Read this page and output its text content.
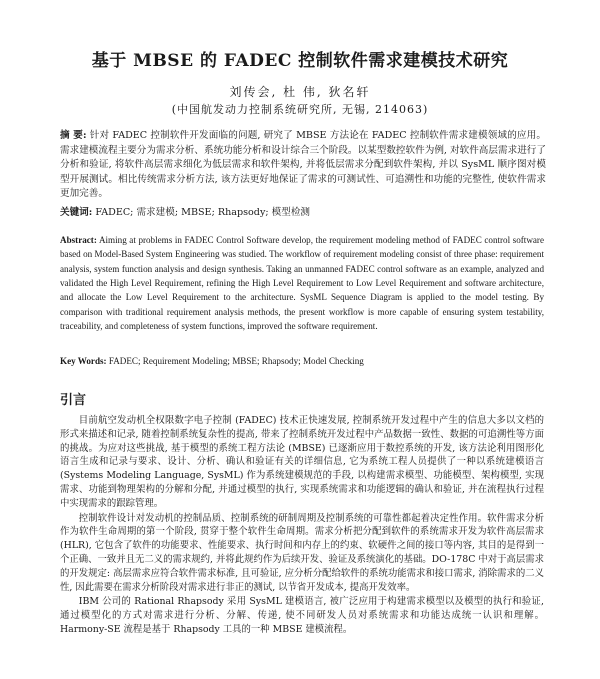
基于 MBSE 的 FADEC 控制软件需求建模技术研究
刘传会, 杜 伟, 狄名轩
(中国航发动力控制系统研究所, 无锡, 214063)
摘 要: 针对 FADEC 控制软件开发面临的问题, 研究了 MBSE 方法论在 FADEC 控制软件需求建模领域的应用。需求建模流程主要分为需求分析、系统功能分析和设计综合三个阶段。以某型数控软件为例, 对软件高层需求进行了分析和验证, 将软件高层需求细化为低层需求和软件架构, 并将低层需求分配到软件架构, 并以 SysML 顺序图对模型开展测试。相比传统需求分析方法, 该方法更好地保证了需求的可测试性、可追溯性和功能的完整性, 使软件需求更加完善。
关键词: FADEC; 需求建模; MBSE; Rhapsody; 模型检测
Abstract: Aiming at problems in FADEC Control Software develop, the requirement modeling method of FADEC control software based on Model-Based System Engineering was studied. The workflow of requirement modeling consist of three phase: requirement analysis, system function analysis and design synthesis. Taking an unmanned FADEC control software as an example, analyzed and validated the High Level Requirement, refining the High Level Requirement to Low Level Requirement and software architecture, and allocate the Low Level Requirement to the architecture. SysML Sequence Diagram is applied to the model testing. By comparison with traditional requirement analysis methods, the present workflow is more capable of ensuring system testability, traceability, and completeness of system functions, improved the software requirement.
Key Words: FADEC; Requirement Modeling; MBSE; Rhapsody; Model Checking
引言

目前航空发动机全权限数字电子控制 (FADEC) 技术正快速发展, 控制系统开发过程中产生的信息大多以文档的形式来描述和记录, 随着控制系统复杂性的提高, 带来了控制系统开发过程中产品数据一致性、数据的可追溯性等方面的挑战。为应对这些挑战, 基于模型的系统工程方法论 (MBSE) 已逐渐应用于数控系统的开发, 该方法论利用图形化语言生成和记录与要求、设计、分析、确认和验证有关的详细信息, 它为系统工程人员提供了一种以系统建模语言 (Systems Modeling Language, SysML) 作为系统建模规范的手段, 以构建需求模型、功能模型、架构模型, 实现需求、功能到物理架构的分解和分配, 并通过模型的执行, 实现系统需求和功能逻辑的确认和验证, 并在流程执行过程中实现需求的跟踪管理。

控制软件设计对发动机的控制品质、控制系统的研制周期及控制系统的可靠性都起着决定性作用。软件需求分析作为软件生命周期的第一个阶段, 贯穿于整个软件生命周期。需求分析把分配到软件的系统需求开发为软件高层需求 (HLR), 它包含了软件的功能要求、性能要求、执行时间和内存上的约束、软硬件之间的接口等内容, 其目的是得到一个正确、一致并且无二义的需求规约, 并将此规约作为后续开发、验证及系统演化的基础。DO-178C 中对于高层需求的开发规定: 高层需求应符合软件需求标准, 且可验证, 应分析分配给软件的系统功能需求和接口需求, 消除需求的二义性, 因此需要在需求分析阶段对需求进行非正的测试, 以节省开发成本, 提高开发效率。

IBM 公司的 Rational Rhapsody 采用 SysML 建模语言, 被广泛应用于构建需求模型以及模型的执行和验证, 通过模型化的方式对需求进行分析、分解、传递, 使不同研发人员对系统需求和功能达成统一认识和理解。Harmony-SE 流程是基于 Rhapsody 工具的一种 MBSE 建模流程。
